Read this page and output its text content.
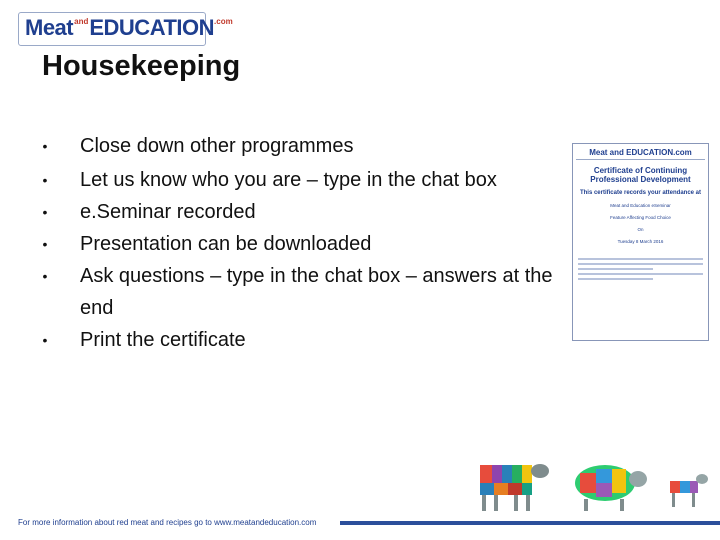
Meat and EDUCATION .com
Housekeeping
• Close down other programmes
• Let us know who you are – type in the chat box
• e.Seminar recorded
• Presentation can be downloaded
• Ask questions – type in the chat box – answers at the end
• Print the certificate
Meat and EDUCATION.com
Certificate of Continuing Professional Development
This certificate records your attendance at
Meat and Education eSeminar
Feature Affecting Food Choice
On
Tuesday 8 March 2016
For more information about red meat and recipes go to www.meatandeducation.com
